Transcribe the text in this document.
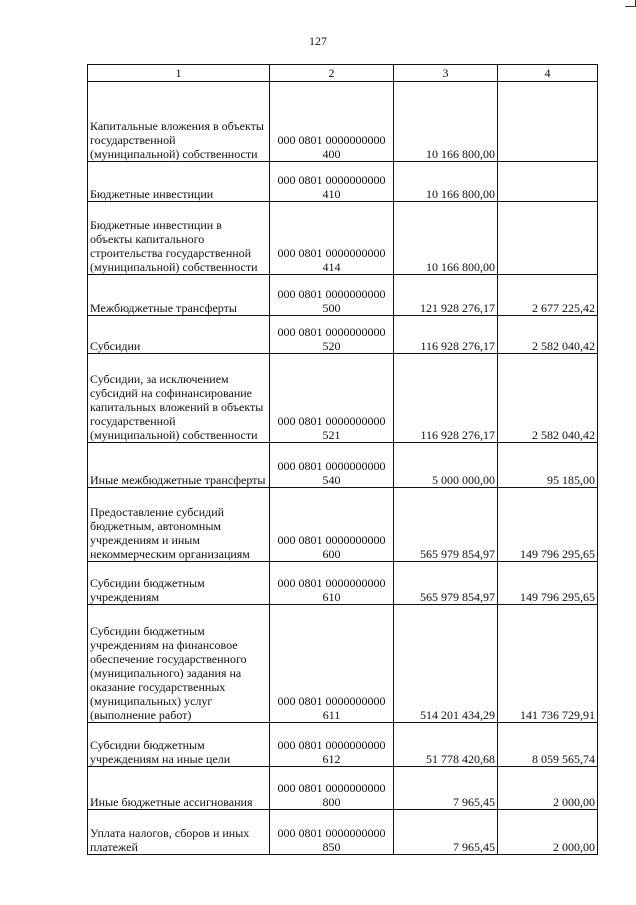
127
1	2	3	4
Капитальные вложения в объекты государственной (муниципальной) собственности	000 0801 0000000000 400	10 166 800,00	
Бюджетные инвестиции	000 0801 0000000000 410	10 166 800,00	
Бюджетные инвестиции в объекты капитального строительства государственной (муниципальной) собственности	000 0801 0000000000 414	10 166 800,00	
Межбюджетные трансферты	000 0801 0000000000 500	121 928 276,17	2 677 225,42
Субсидии	000 0801 0000000000 520	116 928 276,17	2 582 040,42
Субсидии, за исключением субсидий на софинансирование капитальных вложений в объекты государственной (муниципальной) собственности	000 0801 0000000000 521	116 928 276,17	2 582 040,42
Иные межбюджетные трансферты	000 0801 0000000000 540	5 000 000,00	95 185,00
Предоставление субсидий бюджетным, автономным учреждениям и иным некоммерческим организациям	000 0801 0000000000 600	565 979 854,97	149 796 295,65
Субсидии бюджетным учреждениям	000 0801 0000000000 610	565 979 854,97	149 796 295,65
Субсидии бюджетным учреждениям на финансовое обеспечение государственного (муниципального) задания на оказание государственных (муниципальных) услуг (выполнение работ)	000 0801 0000000000 611	514 201 434,29	141 736 729,91
Субсидии бюджетным учреждениям на иные цели	000 0801 0000000000 612	51 778 420,68	8 059 565,74
Иные бюджетные ассигнования	000 0801 0000000000 800	7 965,45	2 000,00
Уплата налогов, сборов и иных платежей	000 0801 0000000000 850	7 965,45	2 000,00
